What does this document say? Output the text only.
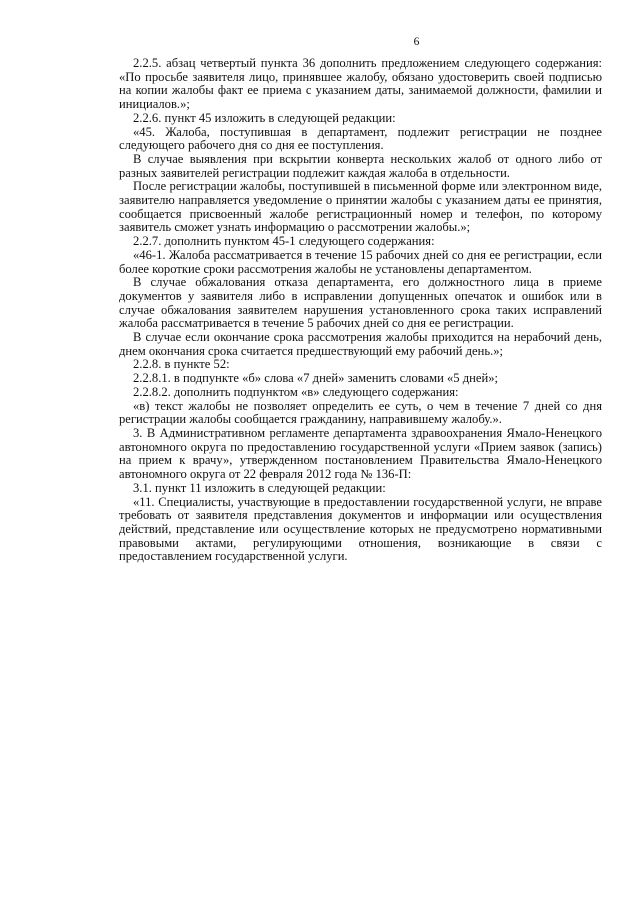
6

2.2.5. абзац четвертый пункта 36 дополнить предложением следующего содержания: «По просьбе заявителя лицо, принявшее жалобу, обязано удостоверить своей подписью на копии жалобы факт ее приема с указанием даты, занимаемой должности, фамилии и инициалов.»;

2.2.6. пункт 45 изложить в следующей редакции:

«45. Жалоба, поступившая в департамент, подлежит регистрации не позднее следующего рабочего дня со дня ее поступления.

В случае выявления при вскрытии конверта нескольких жалоб от одного либо от разных заявителей регистрации подлежит каждая жалоба в отдельности.

После регистрации жалобы, поступившей в письменной форме или электронном виде, заявителю направляется уведомление о принятии жалобы с указанием даты ее принятия, сообщается присвоенный жалобе регистрационный номер и телефон, по которому заявитель сможет узнать информацию о рассмотрении жалобы.»;

2.2.7. дополнить пунктом 45-1 следующего содержания:

«46-1. Жалоба рассматривается в течение 15 рабочих дней со дня ее регистрации, если более короткие сроки рассмотрения жалобы не установлены департаментом.

В случае обжалования отказа департамента, его должностного лица в приеме документов у заявителя либо в исправлении допущенных опечаток и ошибок или в случае обжалования заявителем нарушения установленного срока таких исправлений жалоба рассматривается в течение 5 рабочих дней со дня ее регистрации.

В случае если окончание срока рассмотрения жалобы приходится на нерабочий день, днем окончания срока считается предшествующий ему рабочий день.»;

2.2.8. в пункте 52:

2.2.8.1. в подпункте «б» слова «7 дней» заменить словами «5 дней»;

2.2.8.2. дополнить подпунктом «в» следующего содержания:

«в) текст жалобы не позволяет определить ее суть, о чем в течение 7 дней со дня регистрации жалобы сообщается гражданину, направившему жалобу.».

3. В Административном регламенте департамента здравоохранения Ямало-Ненецкого автономного округа по предоставлению государственной услуги «Прием заявок (запись) на прием к врачу», утвержденном постановлением Правительства Ямало-Ненецкого автономного округа от 22 февраля 2012 года № 136-П:

3.1. пункт 11 изложить в следующей редакции:

«11. Специалисты, участвующие в предоставлении государственной услуги, не вправе требовать от заявителя представления документов и информации или осуществления действий, представление или осуществление которых не предусмотрено нормативными правовыми актами, регулирующими отношения, возникающие в связи с предоставлением государственной услуги.
